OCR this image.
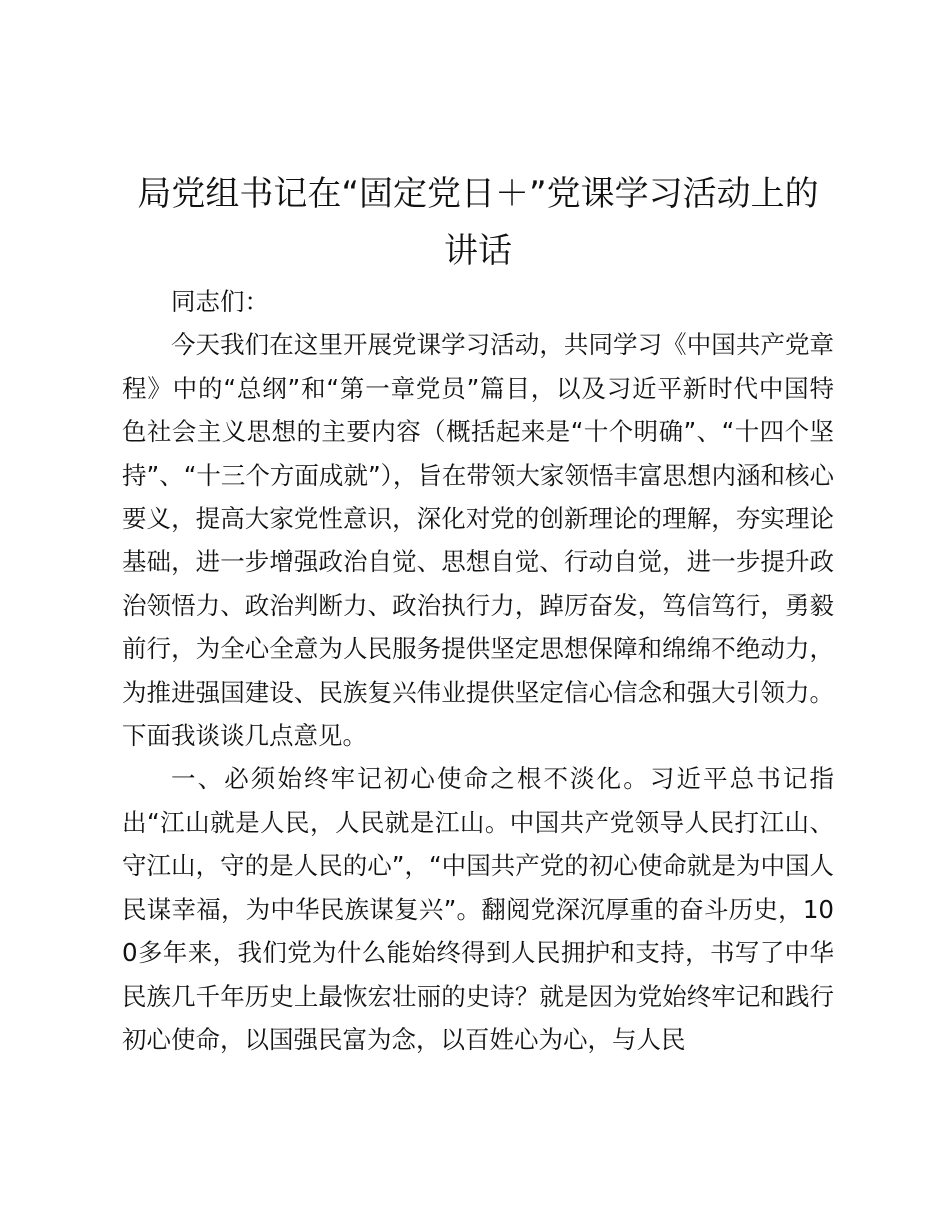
局党组书记在“固定党日＋”党课学习活动上的讲话

同志们：

今天我们在这里开展党课学习活动，共同学习《中国共产党章程》中的“总纲”和“第一章党员”篇目，以及习近平新时代中国特色社会主义思想的主要内容（概括起来是“十个明确”、“十四个坚持”、“十三个方面成就”），旨在带领大家领悟丰富思想内涵和核心要义，提高大家党性意识，深化对党的创新理论的理解，夯实理论基础，进一步增强政治自觉、思想自觉、行动自觉，进一步提升政治领悟力、政治判断力、政治执行力，踔厉奋发，笃信笃行，勇毅前行，为全心全意为人民服务提供坚定思想保障和绵绵不绝动力，为推进强国建设、民族复兴伟业提供坚定信心信念和强大引领力。下面我谈谈几点意见。

一、必须始终牢记初心使命之根不淡化。习近平总书记指出“江山就是人民，人民就是江山。中国共产党领导人民打江山、守江山，守的是人民的心”，“中国共产党的初心使命就是为中国人民谋幸福，为中华民族谋复兴”。翻阅党深沉厚重的奋斗历史，100多年来，我们党为什么能始终得到人民拥护和支持，书写了中华民族几千年历史上最恢宏壮丽的史诗？就是因为党始终牢记和践行初心使命，以国强民富为念，以百姓心为心，与人民
